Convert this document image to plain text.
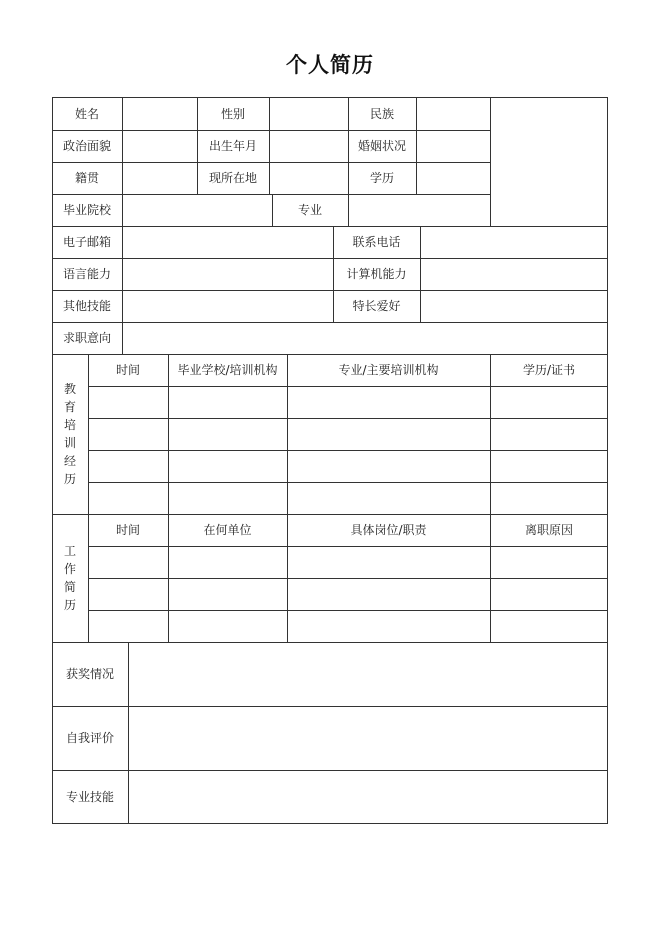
个人简历
姓名	性别	民族
政治面貌	出生年月	婚姻状况
籍贯	现所在地	学历
毕业院校	专业
电子邮箱	联系电话
语言能力	计算机能力
其他技能	特长爱好
求职意向
教育培训经历
时间	毕业学校/培训机构	专业/主要培训机构	学历/证书
工作简历
时间	在何单位	具体岗位/职责	离职原因
获奖情况
自我评价
专业技能
